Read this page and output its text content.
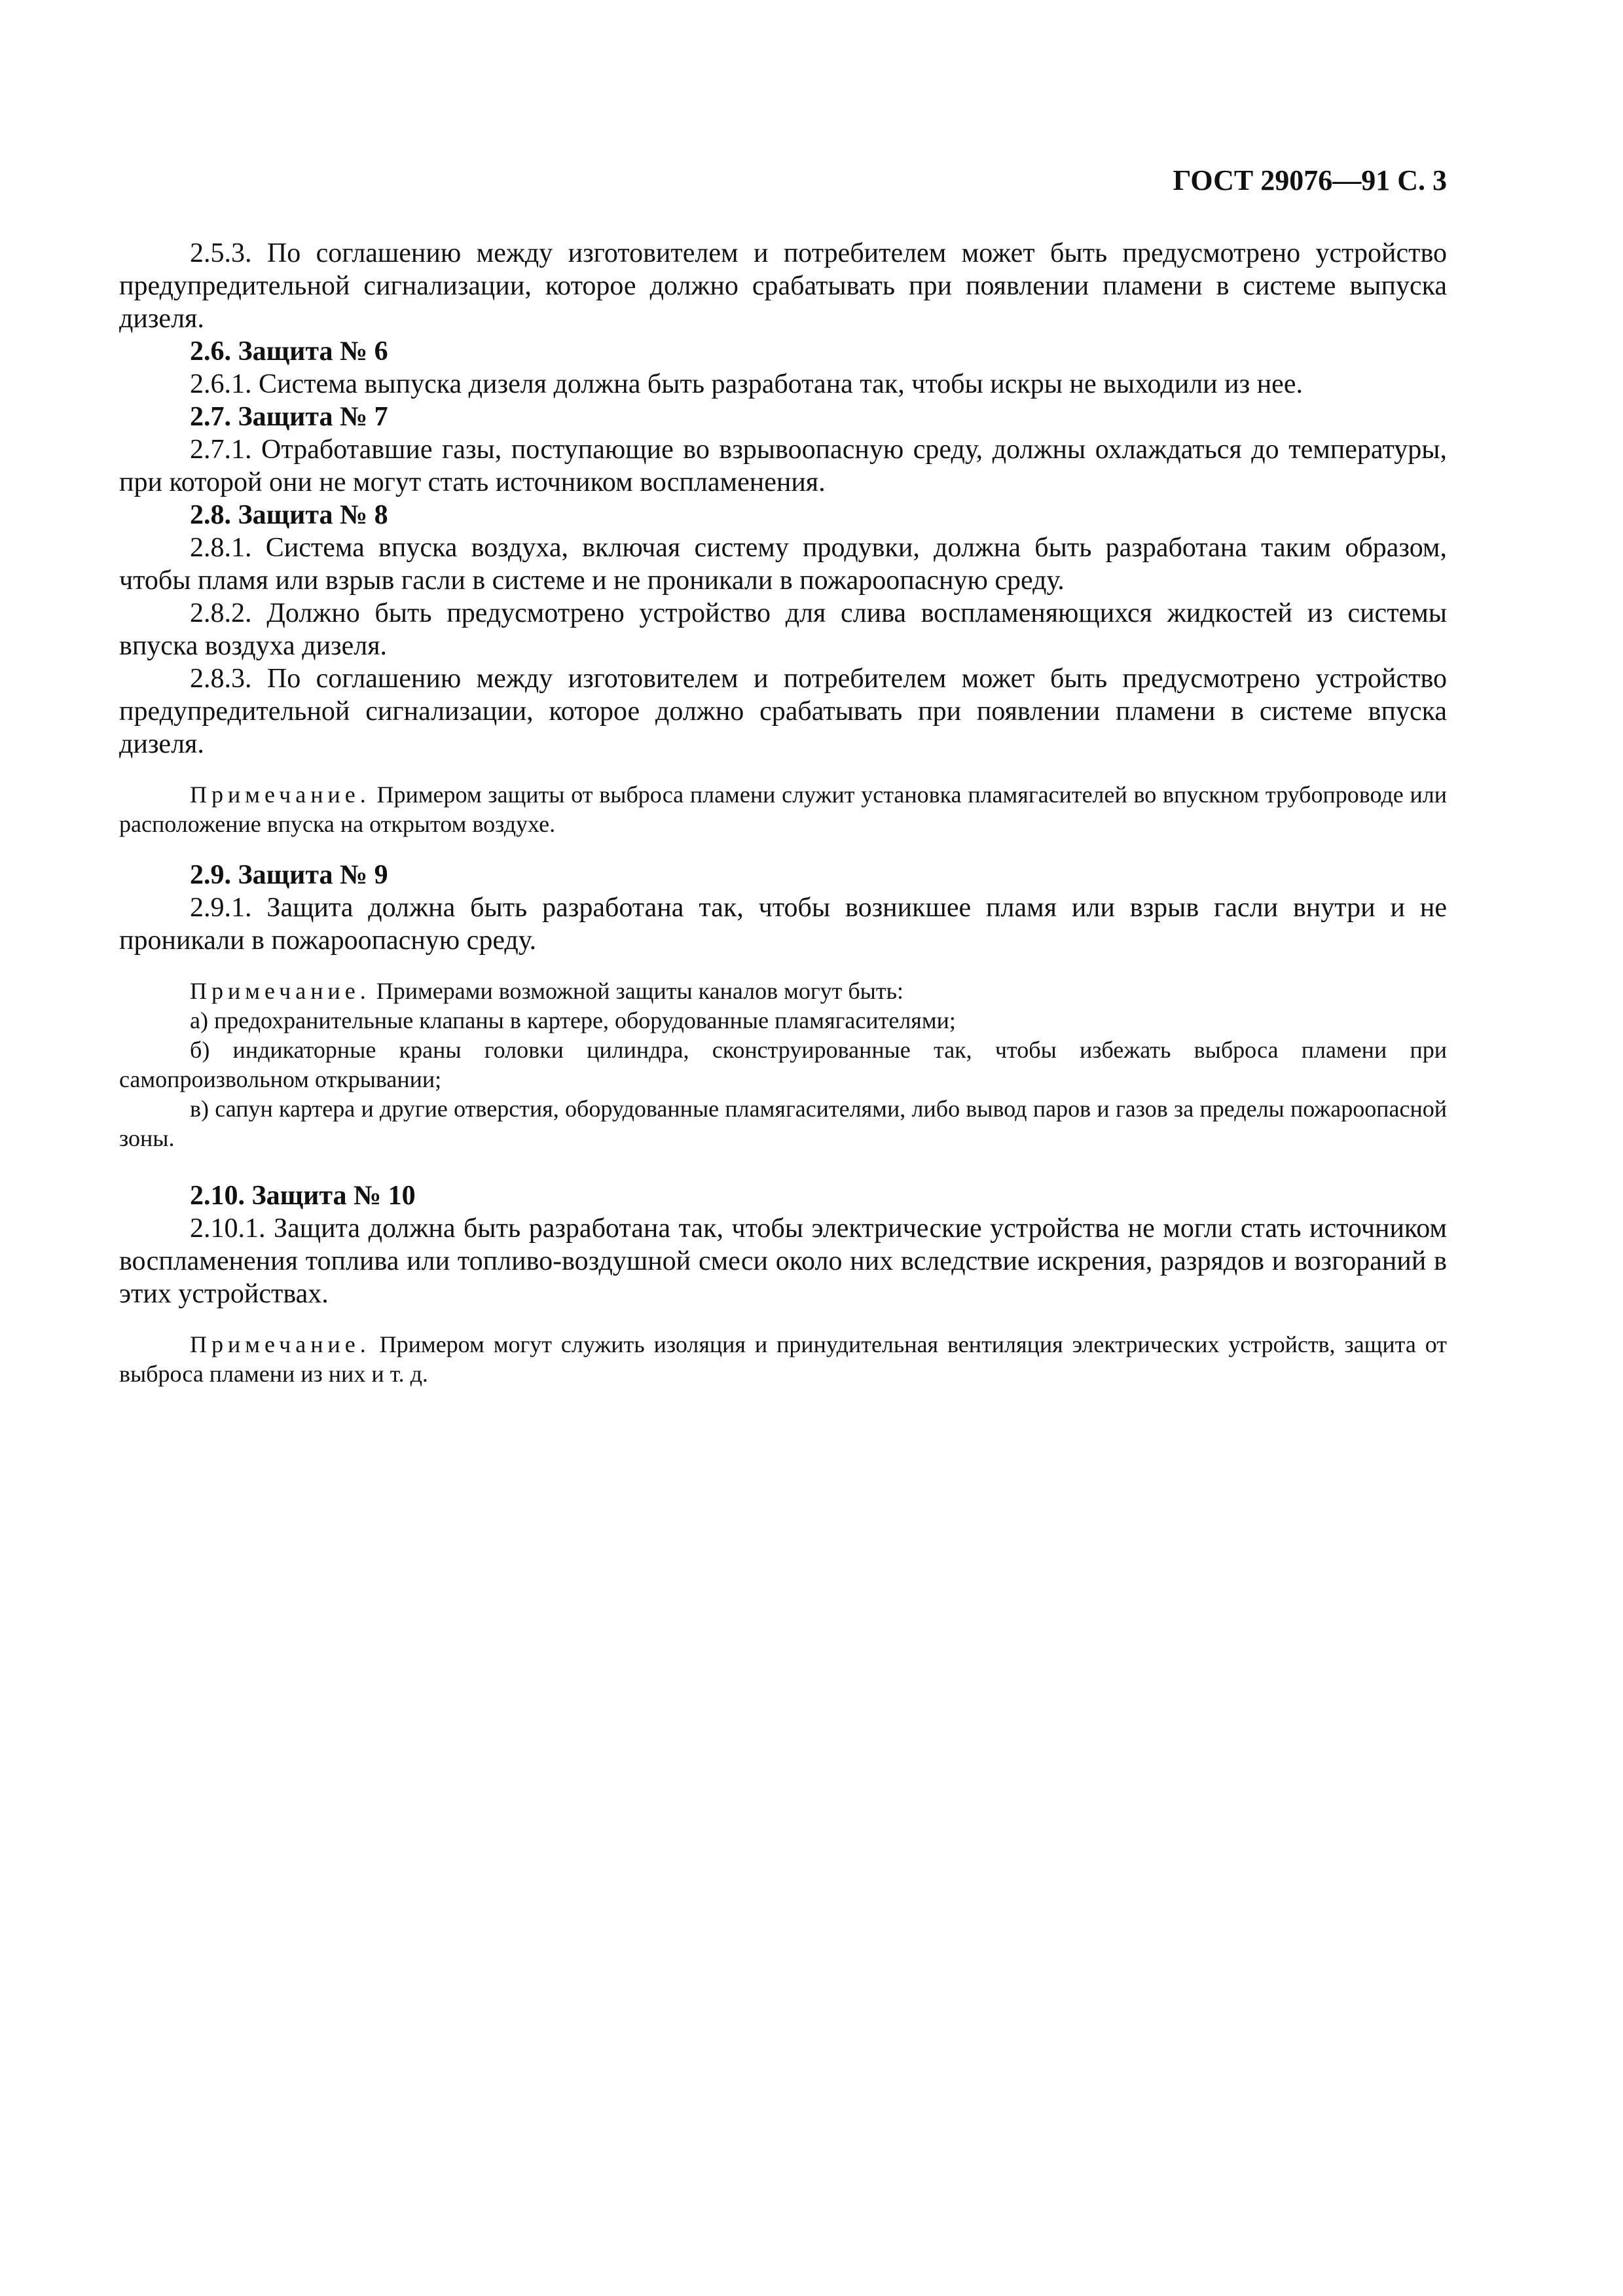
ГОСТ 29076—91 С. 3

2.5.3. По соглашению между изготовителем и потребителем может быть предусмотрено устройство предупредительной сигнализации, которое должно срабатывать при появлении пламени в системе выпуска дизеля.

2.6. Защита № 6

2.6.1. Система выпуска дизеля должна быть разработана так, чтобы искры не выходили из нее.

2.7. Защита № 7

2.7.1. Отработавшие газы, поступающие во взрывоопасную среду, должны охлаждаться до температуры, при которой они не могут стать источником воспламенения.

2.8. Защита № 8

2.8.1. Система впуска воздуха, включая систему продувки, должна быть разработана таким образом, чтобы пламя или взрыв гасли в системе и не проникали в пожароопасную среду.

2.8.2. Должно быть предусмотрено устройство для слива воспламеняющихся жидкостей из системы впуска воздуха дизеля.

2.8.3. По соглашению между изготовителем и потребителем может быть предусмотрено устройство предупредительной сигнализации, которое должно срабатывать при появлении пламени в системе впуска дизеля.

Примечание. Примером защиты от выброса пламени служит установка пламягасителей во впускном трубопроводе или расположение впуска на открытом воздухе.

2.9. Защита № 9

2.9.1. Защита должна быть разработана так, чтобы возникшее пламя или взрыв гасли внутри и не проникали в пожароопасную среду.

Примечание. Примерами возможной защиты каналов могут быть:

а) предохранительные клапаны в картере, оборудованные пламягасителями;

б) индикаторные краны головки цилиндра, сконструированные так, чтобы избежать выброса пламени при самопроизвольном открывании;

в) сапун картера и другие отверстия, оборудованные пламягасителями, либо вывод паров и газов за пределы пожароопасной зоны.

2.10. Защита № 10

2.10.1. Защита должна быть разработана так, чтобы электрические устройства не могли стать источником воспламенения топлива или топливо-воздушной смеси около них вследствие искрения, разрядов и возгораний в этих устройствах.

Примечание. Примером могут служить изоляция и принудительная вентиляция электрических устройств, защита от выброса пламени из них и т. д.
